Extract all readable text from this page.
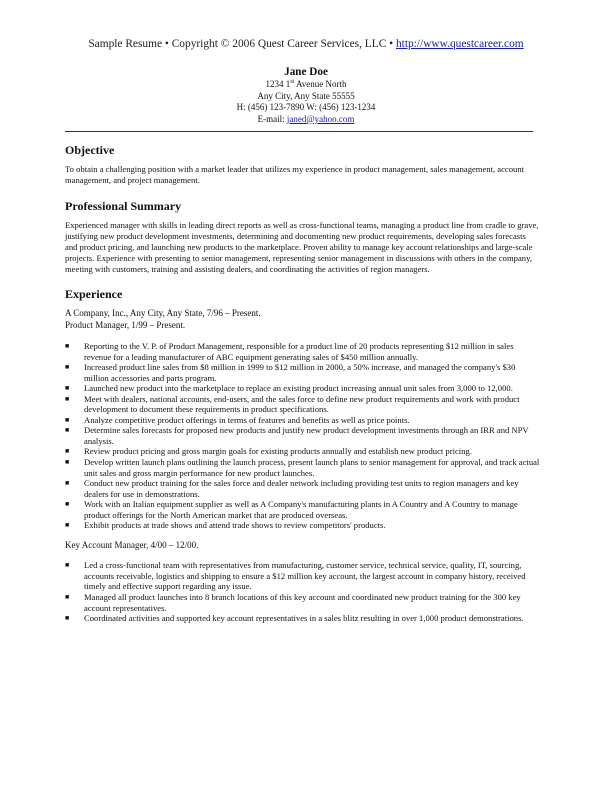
Sample Resume • Copyright © 2006 Quest Career Services, LLC • http://www.questcareer.com
Jane Doe
1234 1st Avenue North
Any City, Any State 55555
H: (456) 123-7890 W: (456) 123-1234
E-mail: janed@yahoo.com
Objective

To obtain a challenging position with a market leader that utilizes my experience in product management, sales management, account management, and project management.

Professional Summary

Experienced manager with skills in leading direct reports as well as cross-functional teams, managing a product line from cradle to grave, justifying new product development investments, determining and documenting new product requirements, developing sales forecasts and product pricing, and launching new products to the marketplace. Proven ability to manage key account relationships and large-scale projects. Experience with presenting to senior management, representing senior management in discussions with others in the company, meeting with customers, training and assisting dealers, and coordinating the activities of region managers.

Experience

A Company, Inc., Any City, Any State, 7/96 – Present.

Product Manager, 1/99 – Present.

■ Reporting to the V. P. of Product Management, responsible for a product line of 20 products representing $12 million in sales revenue for a leading manufacturer of ABC equipment generating sales of $450 million annually.
■ Increased product line sales from $8 million in 1999 to $12 million in 2000, a 50% increase, and managed the company's $30 million accessories and parts program.
■ Launched new product into the marketplace to replace an existing product increasing annual unit sales from 3,000 to 12,000.
■ Meet with dealers, national accounts, end-users, and the sales force to define new product requirements and work with product development to document these requirements in product specifications.
■ Analyze competitive product offerings in terms of features and benefits as well as price points.
■ Determine sales forecasts for proposed new products and justify new product development investments through an IRR and NPV analysis.
■ Review product pricing and gross margin goals for existing products annually and establish new product pricing.
■ Develop written launch plans outlining the launch process, present launch plans to senior management for approval, and track actual unit sales and gross margin performance for new product launches.
■ Conduct new product training for the sales force and dealer network including providing test units to region managers and key dealers for use in demonstrations.
■ Work with an Italian equipment supplier as well as A Company's manufacturing plants in A Country and A Country to manage product offerings for the North American market that are produced overseas.
■ Exhibit products at trade shows and attend trade shows to review competitors' products.

Key Account Manager, 4/00 – 12/00.

■ Led a cross-functional team with representatives from manufacturing, customer service, technical service, quality, IT, sourcing, accounts receivable, logistics and shipping to ensure a $12 million key account, the largest account in company history, received timely and effective support regarding any issue.
■ Managed all product launches into 8 branch locations of this key account and coordinated new product training for the 300 key account representatives.
■ Coordinated activities and supported key account representatives in a sales blitz resulting in over 1,000 product demonstrations.
